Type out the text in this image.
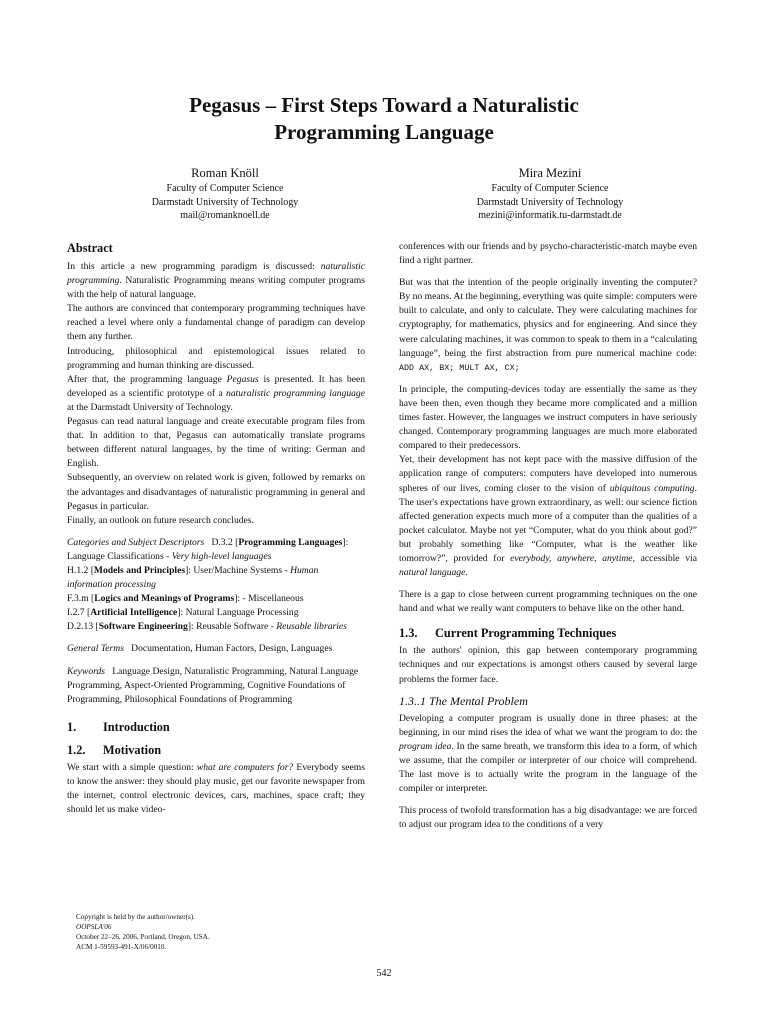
Pegasus – First Steps Toward a Naturalistic
Programming Language
Roman Knöll
Faculty of Computer Science
Darmstadt University of Technology
mail@romanknoell.de
Mira Mezini
Faculty of Computer Science
Darmstadt University of Technology
mezini@informatik.tu-darmstadt.de
Abstract

In this article a new programming paradigm is discussed: naturalistic programming. Naturalistic Programming means writing computer programs with the help of natural language.

The authors are convinced that contemporary programming techniques have reached a level where only a fundamental change of paradigm can develop them any further.

Introducing, philosophical and epistemological issues related to programming and human thinking are discussed.

After that, the programming language Pegasus is presented. It has been developed as a scientific prototype of a naturalistic programming language at the Darmstadt University of Technology.

Pegasus can read natural language and create executable program files from that. In addition to that, Pegasus can automatically translate programs between different natural languages, by the time of writing: German and English.

Subsequently, an overview on related work is given, followed by remarks on the advantages and disadvantages of naturalistic programming in general and Pegasus in particular.

Finally, an outlook on future research concludes.

Categories and Subject Descriptors D.3.2 [Programming Languages]: Language Classifications - Very high-level languages
H.1.2 [Models and Principles]: User/Machine Systems - Human information processing
F.3.m [Logics and Meanings of Programs]: - Miscellaneous
I.2.7 [Artificial Intelligence]: Natural Language Processing
D.2.13 [Software Engineering]: Reusable Software - Reusable libraries

General Terms Documentation, Human Factors, Design, Languages

Keywords Language Design, Naturalistic Programming, Natural Language Programming, Aspect-Oriented Programming, Cognitive Foundations of Programming, Philosophical Foundations of Programming

1. Introduction
1.2. Motivation

We start with a simple question: what are computers for? Everybody seems to know the answer: they should play music, get our favorite newspaper from the internet, control electronic devices, cars, machines, space craft; they should let us make video-

Copyright is held by the author/owner(s).
OOPSLA'06
October 22–26, 2006, Portland, Oregon, USA.
ACM 1-59593-491-X/06/0010.

conferences with our friends and by psycho-characteristic-match maybe even find a right partner.

But was that the intention of the people originally inventing the computer? By no means. At the beginning, everything was quite simple: computers were built to calculate, and only to calculate. They were calculating machines for cryptography, for mathematics, physics and for engineering. And since they were calculating machines, it was common to speak to them in a “calculating language”, being the first abstraction from pure numerical machine code: ADD AX, BX; MULT AX, CX;

In principle, the computing-devices today are essentially the same as they have been then, even though they became more complicated and a million times faster. However, the languages we instruct computers in have seriously changed. Contemporary programming languages are much more elaborated compared to their predecessors.

Yet, their development has not kept pace with the massive diffusion of the application range of computers: computers have developed into numerous spheres of our lives, coming closer to the vision of ubiquitous computing. The user's expectations have grown extraordinary, as well: our science fiction affected generation expects much more of a computer than the qualities of a pocket calculator. Maybe not yet “Computer, what do you think about god?” but probably something like “Computer, what is the weather like tomorrow?”, provided for everybody, anywhere, anytime, accessible via natural language.

There is a gap to close between current programming techniques on the one hand and what we really want computers to behave like on the other hand.

1.3. Current Programming Techniques

In the authors' opinion, this gap between contemporary programming techniques and our expectations is amongst others caused by several large problems the former face.

1.3..1 The Mental Problem

Developing a computer program is usually done in three phases: at the beginning, in our mind rises the idea of what we want the program to do: the program idea. In the same breath, we transform this idea to a form, of which we assume, that the compiler or interpreter of our choice will comprehend. The last move is to actually write the program in the language of the compiler or interpreter.

This process of twofold transformation has a big disadvantage: we are forced to adjust our program idea to the conditions of a very

542
